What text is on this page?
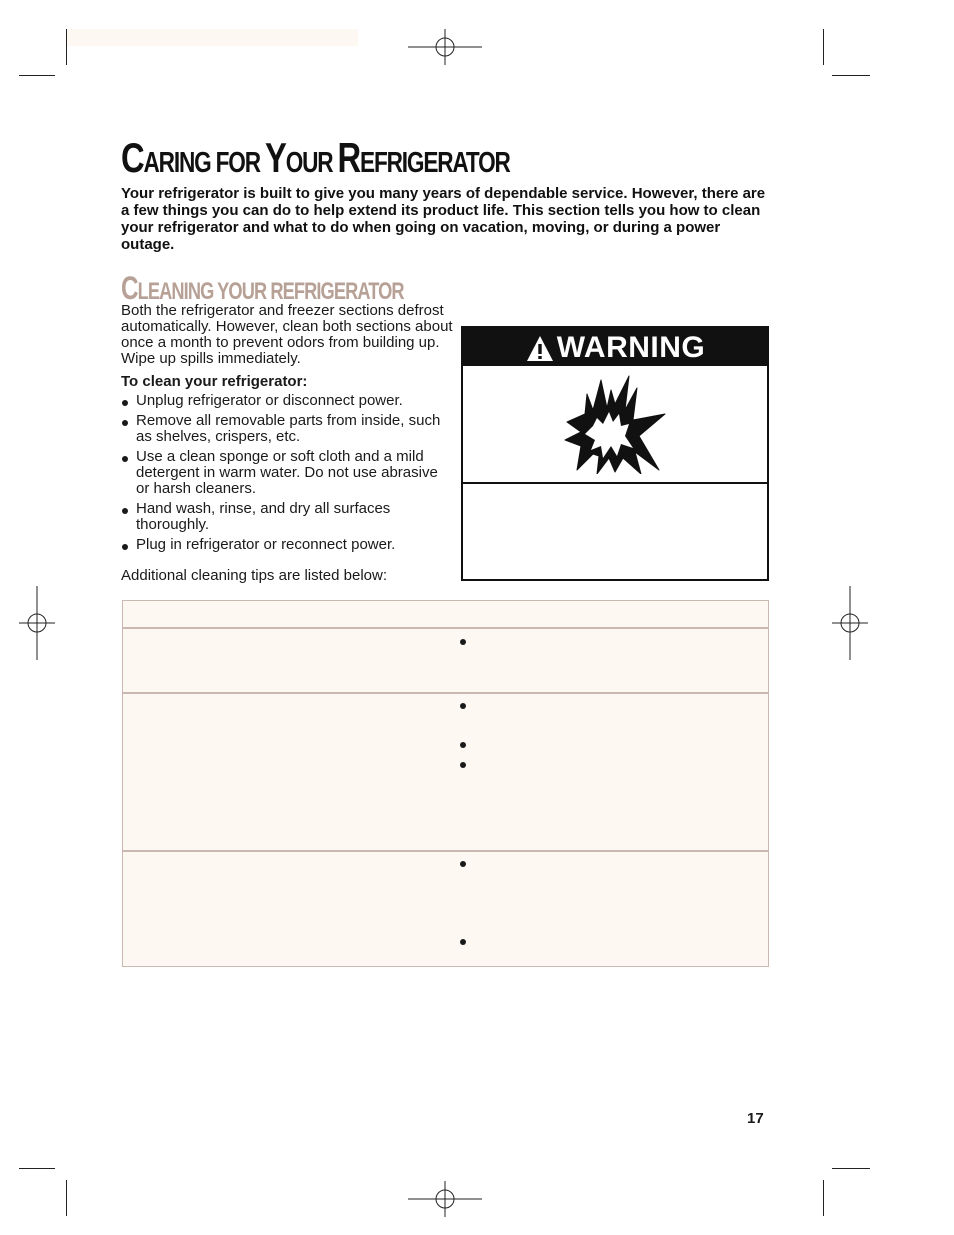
CARING FOR YOUR REFRIGERATOR

Your refrigerator is built to give you many years of dependable service. However, there are a few things you can do to help extend its product life. This section tells you how to clean your refrigerator and what to do when going on vacation, moving, or during a power outage.

CLEANING YOUR REFRIGERATOR

Both the refrigerator and freezer sections defrost automatically. However, clean both sections about once a month to prevent odors from building up. Wipe up spills immediately.

To clean your refrigerator:

Unplug refrigerator or disconnect power.
Remove all removable parts from inside, such as shelves, crispers, etc.
Use a clean sponge or soft cloth and a mild detergent in warm water. Do not use abrasive or harsh cleaners.
Hand wash, rinse, and dry all surfaces thoroughly.
Plug in refrigerator or reconnect power.

Additional cleaning tips are listed below:

WARNING

17
